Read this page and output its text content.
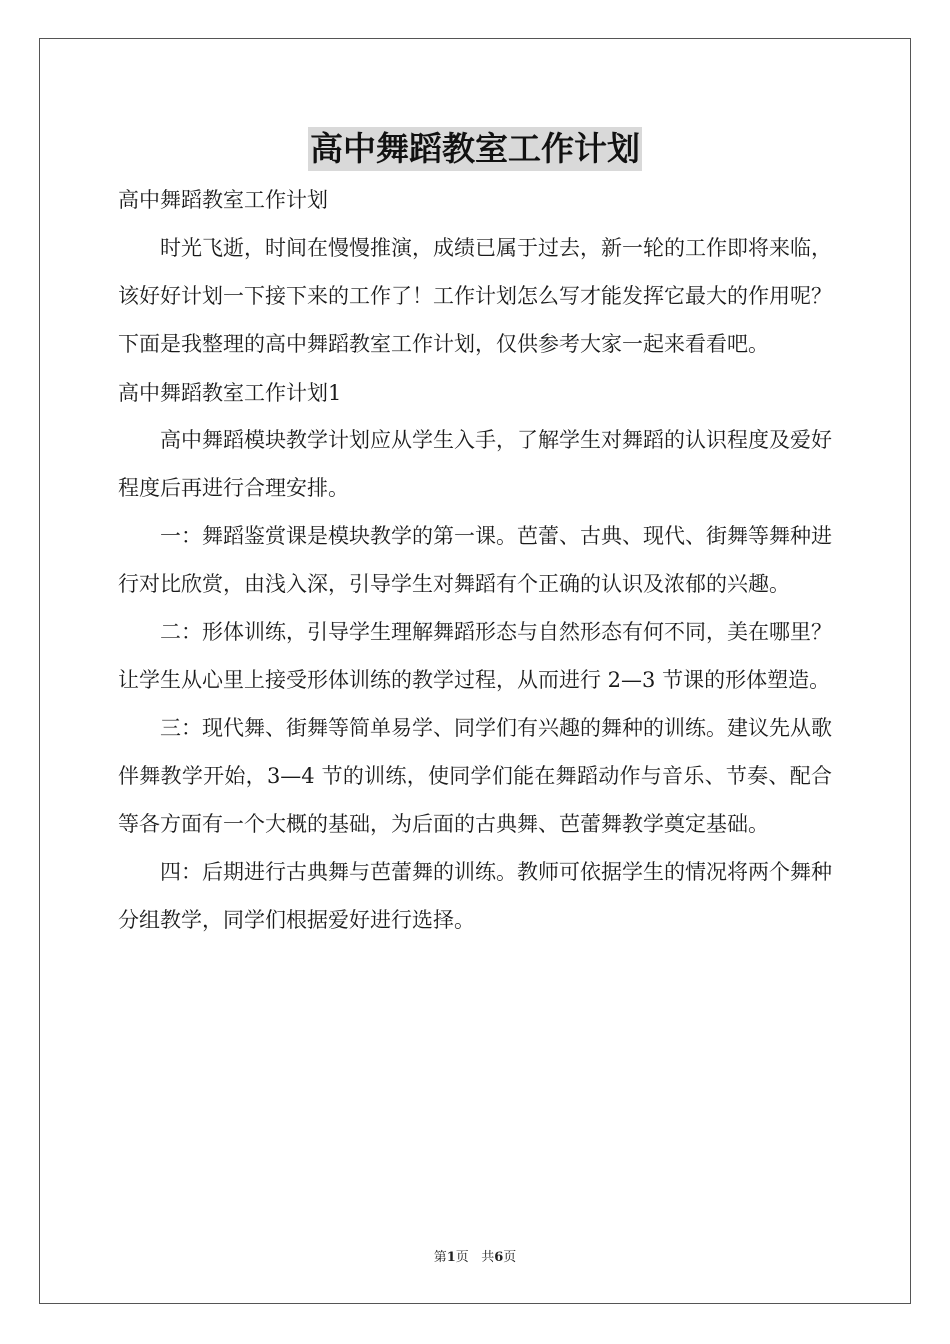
高中舞蹈教室工作计划

高中舞蹈教室工作计划

时光飞逝，时间在慢慢推演，成绩已属于过去，新一轮的工作即将来临，该好好计划一下接下来的工作了！工作计划怎么写才能发挥它最大的作用呢？下面是我整理的高中舞蹈教室工作计划，仅供参考大家一起来看看吧。

高中舞蹈教室工作计划1

高中舞蹈模块教学计划应从学生入手，了解学生对舞蹈的认识程度及爱好程度后再进行合理安排。

一：舞蹈鉴赏课是模块教学的第一课。芭蕾、古典、现代、街舞等舞种进行对比欣赏，由浅入深，引导学生对舞蹈有个正确的认识及浓郁的兴趣。

二：形体训练，引导学生理解舞蹈形态与自然形态有何不同，美在哪里？让学生从心里上接受形体训练的教学过程，从而进行 2—3 节课的形体塑造。

三：现代舞、街舞等简单易学、同学们有兴趣的舞种的训练。建议先从歌伴舞教学开始，3—4 节的训练，使同学们能在舞蹈动作与音乐、节奏、配合等各方面有一个大概的基础，为后面的古典舞、芭蕾舞教学奠定基础。

四：后期进行古典舞与芭蕾舞的训练。教师可依据学生的情况将两个舞种分组教学，同学们根据爱好进行选择。

第1页 共6页
